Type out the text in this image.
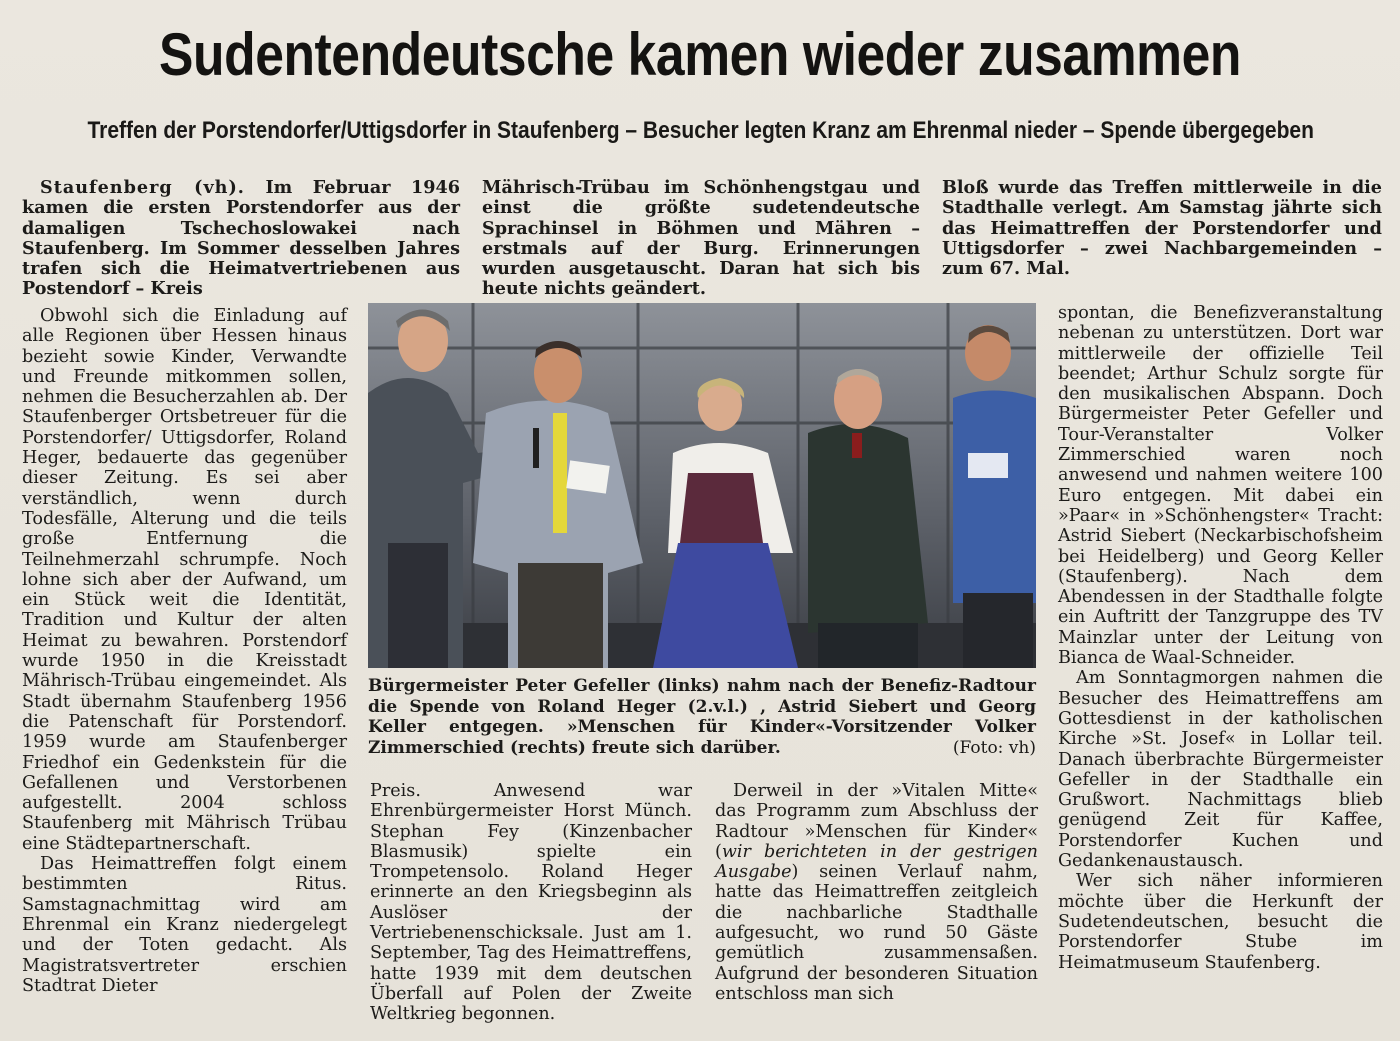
Sudentendeutsche kamen wieder zusammen
Treffen der Porstendorfer/Uttigsdorfer in Staufenberg – Besucher legten Kranz am Ehrenmal nieder – Spende übergegeben

Staufenberg (vh). Im Februar 1946 kamen die ersten Porstendorfer aus der damaligen Tschechoslowakei nach Staufenberg. Im Sommer desselben Jahres trafen sich die Heimatvertriebenen aus Postendorf – Kreis

Mährisch-Trübau im Schönhengstgau und einst die größte sudetendeutsche Sprachinsel in Böhmen und Mähren – erstmals auf der Burg. Erinnerungen wurden ausgetauscht. Daran hat sich bis heute nichts geändert.

Bloß wurde das Treffen mittlerweile in die Stadthalle verlegt. Am Samstag jährte sich das Heimattreffen der Porstendorfer und Uttigsdorfer – zwei Nachbargemeinden – zum 67. Mal.

Obwohl sich die Einladung auf alle Regionen über Hessen hinaus bezieht sowie Kinder, Verwandte und Freunde mitkommen sollen, nehmen die Besucherzahlen ab. Der Staufenberger Ortsbetreuer für die Porstendorfer/ Uttigsdorfer, Roland Heger, bedauerte das gegenüber dieser Zeitung. Es sei aber verständlich, wenn durch Todesfälle, Alterung und die teils große Entfernung die Teilnehmerzahl schrumpfe. Noch lohne sich aber der Aufwand, um ein Stück weit die Identität, Tradition und Kultur der alten Heimat zu bewahren. Porstendorf wurde 1950 in die Kreisstadt Mährisch-Trübau eingemeindet. Als Stadt übernahm Staufenberg 1956 die Patenschaft für Porstendorf. 1959 wurde am Staufenberger Friedhof ein Gedenkstein für die Gefallenen und Verstorbenen aufgestellt. 2004 schloss Staufenberg mit Mährisch Trübau eine Städtepartnerschaft.

Das Heimattreffen folgt einem bestimmten Ritus. Samstagnachmittag wird am Ehrenmal ein Kranz niedergelegt und der Toten gedacht. Als Magistratsvertreter erschien Stadtrat Dieter

Bürgermeister Peter Gefeller (links) nahm nach der Benefiz-Radtour die Spende von Roland Heger (2.v.l.) , Astrid Siebert und Georg Keller entgegen. »Menschen für Kinder«-Vorsitzender Volker Zimmerschied (rechts) freute sich darüber.	(Foto: vh)

Preis. Anwesend war Ehrenbürgermeister Horst Münch. Stephan Fey (Kinzenbacher Blasmusik) spielte ein Trompetensolo. Roland Heger erinnerte an den Kriegsbeginn als Auslöser der Vertriebenenschicksale. Just am 1. September, Tag des Heimattreffens, hatte 1939 mit dem deutschen Überfall auf Polen der Zweite Weltkrieg begonnen.

Derweil in der »Vitalen Mitte« das Programm zum Abschluss der Radtour »Menschen für Kinder« (wir berichteten in der gestrigen Ausgabe) seinen Verlauf nahm, hatte das Heimattreffen zeitgleich die nachbarliche Stadthalle aufgesucht, wo rund 50 Gäste gemütlich zusammensaßen. Aufgrund der besonderen Situation entschloss man sich

spontan, die Benefizveranstaltung nebenan zu unterstützen. Dort war mittlerweile der offizielle Teil beendet; Arthur Schulz sorgte für den musikalischen Abspann. Doch Bürgermeister Peter Gefeller und Tour-Veranstalter Volker Zimmerschied waren noch anwesend und nahmen weitere 100 Euro entgegen. Mit dabei ein »Paar« in »Schönhengster« Tracht: Astrid Siebert (Neckarbischofsheim bei Heidelberg) und Georg Keller (Staufenberg). Nach dem Abendessen in der Stadthalle folgte ein Auftritt der Tanzgruppe des TV Mainzlar unter der Leitung von Bianca de Waal-Schneider.

Am Sonntagmorgen nahmen die Besucher des Heimattreffens am Gottesdienst in der katholischen Kirche »St. Josef« in Lollar teil. Danach überbrachte Bürgermeister Gefeller in der Stadthalle ein Grußwort. Nachmittags blieb genügend Zeit für Kaffee, Porstendorfer Kuchen und Gedankenaustausch.

Wer sich näher informieren möchte über die Herkunft der Sudetendeutschen, besucht die Porstendorfer Stube im Heimatmuseum Staufenberg.
